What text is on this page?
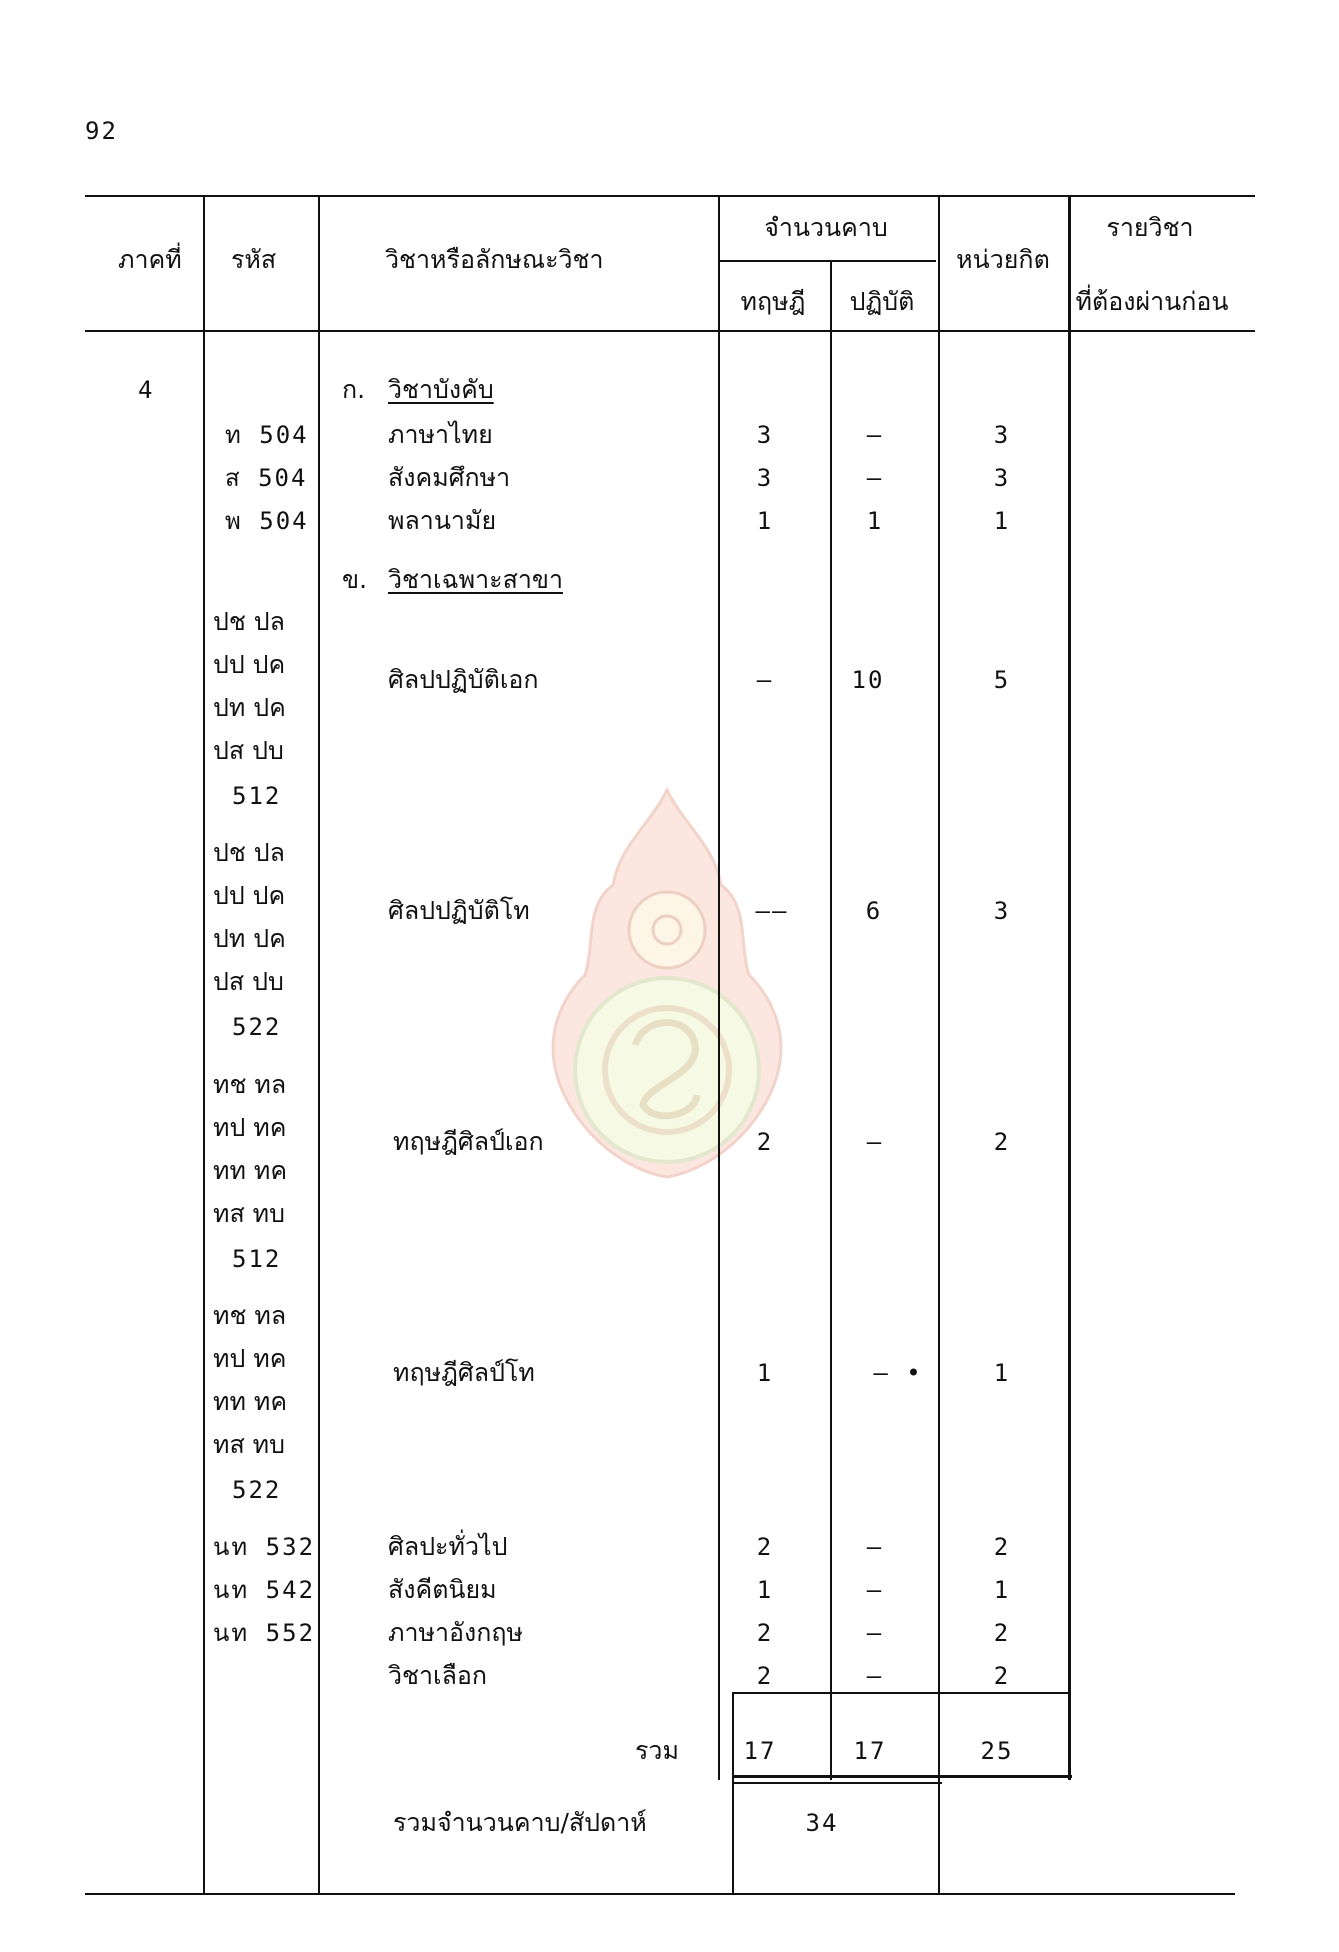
92
ภาคที่ รหัส	วิชาหรือลักษณะวิชา
จำนวนคาบ
ทฤษฎี ปฏิบัติ
หน่วยกิต
รายวิชา
ที่ต้องผ่านก่อน
4	ก. วิชาบังคับ
ท 504	ภาษาไทย	3	–	3
ส 504	สังคมศึกษา	3	–	3
พ 504	พลานามัย	1	1	1
ข. วิชาเฉพาะสาขา
ปช ปล
ปป ปค
ปท ปค
ปส ปบ
512
ศิลปปฏิบัติเอก	–	10	5
ปช ปล
ปป ปค
ปท ปค
ปส ปบ
522
ศิลปปฏิบัติโท	––	6	3
ทช ทล
ทป ทค
ทท ทค
ทส ทบ
512
ทฤษฎีศิลป์เอก	2	–	2
ทช ทล
ทป ทค
ทท ทค
ทส ทบ
522
ทฤษฎีศิลป์โท	1	– •	1
นท 532	ศิลปะทั่วไป	2	–	2
นท 542	สังคีตนิยม	1	–	1
นท 552	ภาษาอังกฤษ	2	–	2
วิชาเลือก	2	–	2
รวม	17	17	25
รวมจำนวนคาบ/สัปดาห์	34
